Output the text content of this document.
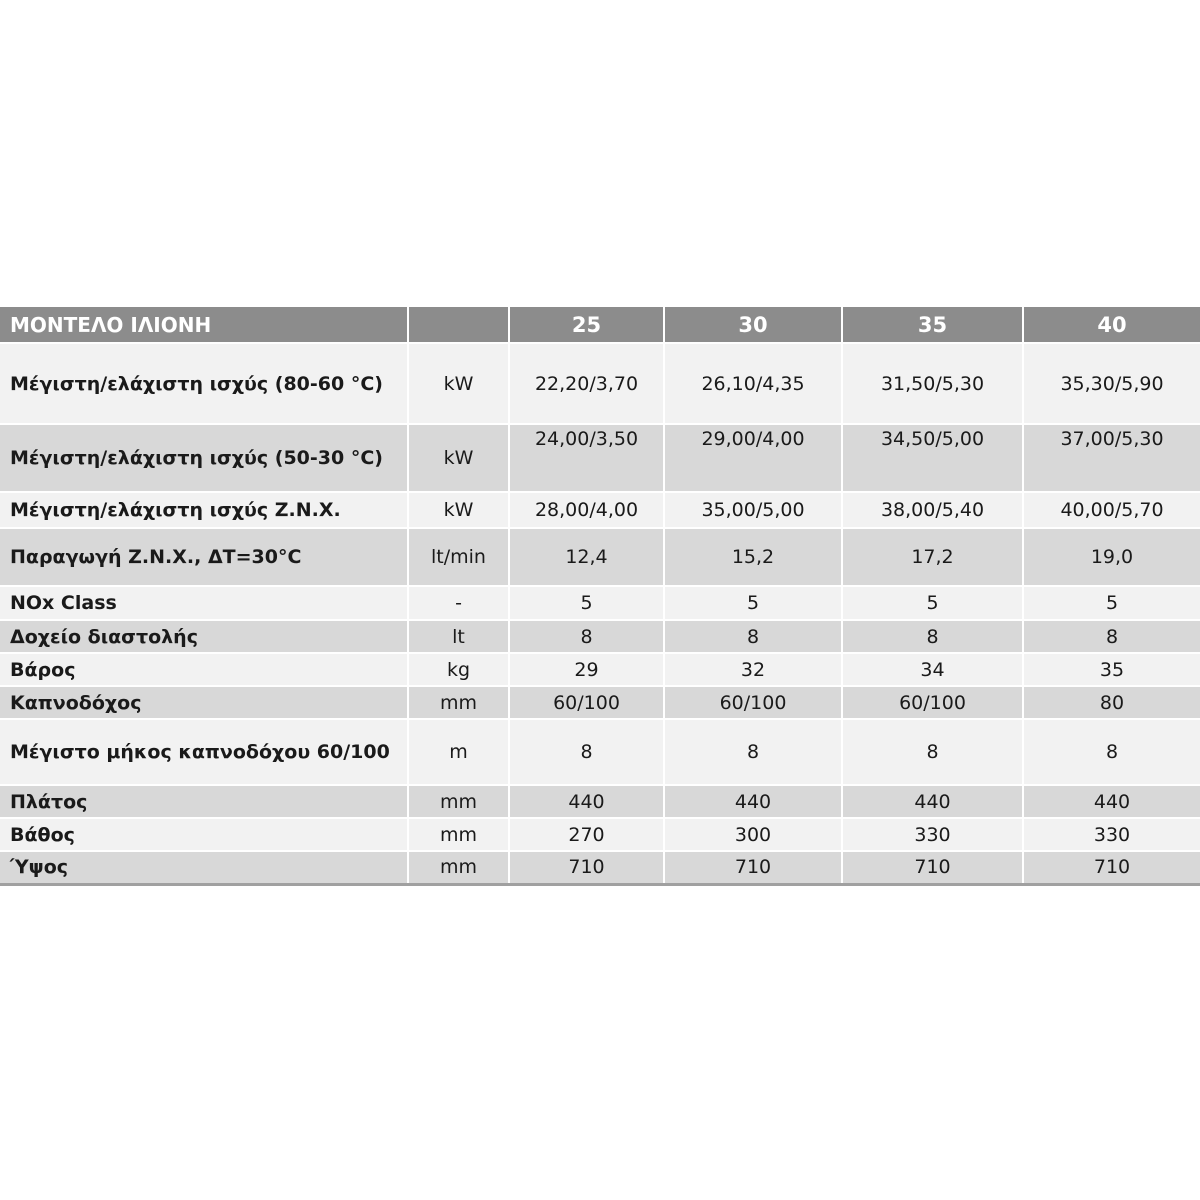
ΜΟΝΤΕΛΟ ΙΛΙΟΝΗ		25	30	35	40
Μέγιστη/ελάχιστη ισχύς (80-60 °C)	kW	22,20/3,70	26,10/4,35	31,50/5,30	35,30/5,90
Μέγιστη/ελάχιστη ισχύς (50-30 °C)	kW	24,00/3,50	29,00/4,00	34,50/5,00	37,00/5,30
Μέγιστη/ελάχιστη ισχύς Ζ.Ν.Χ.	kW	28,00/4,00	35,00/5,00	38,00/5,40	40,00/5,70
Παραγωγή Ζ.Ν.Χ., ΔΤ=30°C	lt/min	12,4	15,2	17,2	19,0
NOx Class	-	5	5	5	5
Δοχείο διαστολής	lt	8	8	8	8
Βάρος	kg	29	32	34	35
Καπνοδόχος	mm	60/100	60/100	60/100	80
Μέγιστο μήκος καπνοδόχου 60/100	m	8	8	8	8
Πλάτος	mm	440	440	440	440
Βάθος	mm	270	300	330	330
Ύψος	mm	710	710	710	710
